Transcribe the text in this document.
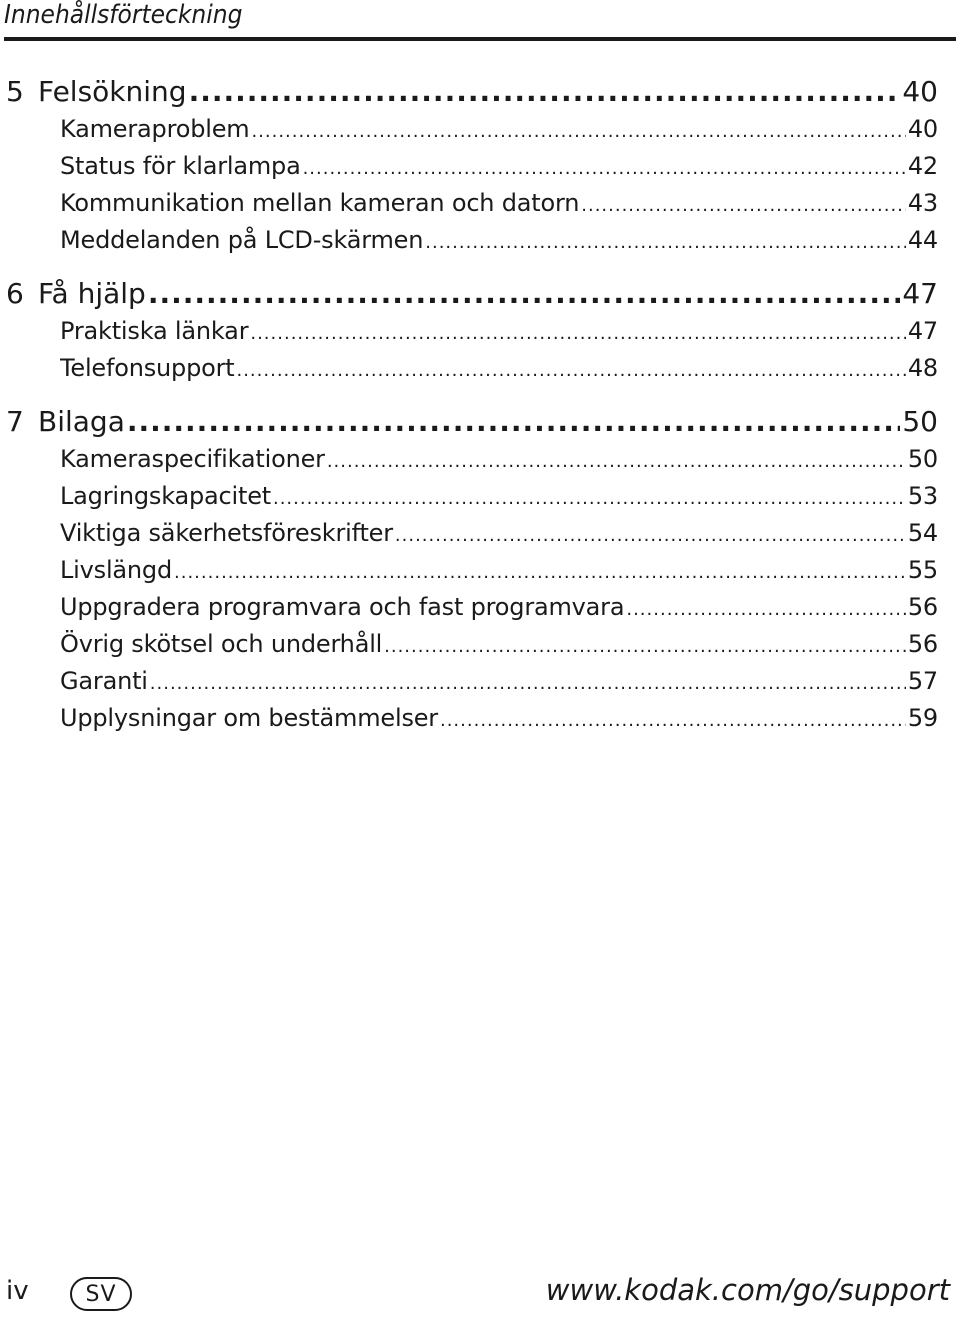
Innehållsförteckning
5 Felsökning .....	40
Kameraproblem .....	40
Status för klarlampa .....	42
Kommunikation mellan kameran och datorn .....	43
Meddelanden på LCD-skärmen .....	44
6 Få hjälp .....	47
Praktiska länkar .....	47
Telefonsupport .....	48
7 Bilaga .....	50
Kameraspecifikationer .....	50
Lagringskapacitet .....	53
Viktiga säkerhetsföreskrifter .....	54
Livslängd .....	55
Uppgradera programvara och fast programvara .....	56
Övrig skötsel och underhåll .....	56
Garanti .....	57
Upplysningar om bestämmelser .....	59
iv	SV	www.kodak.com/go/support
